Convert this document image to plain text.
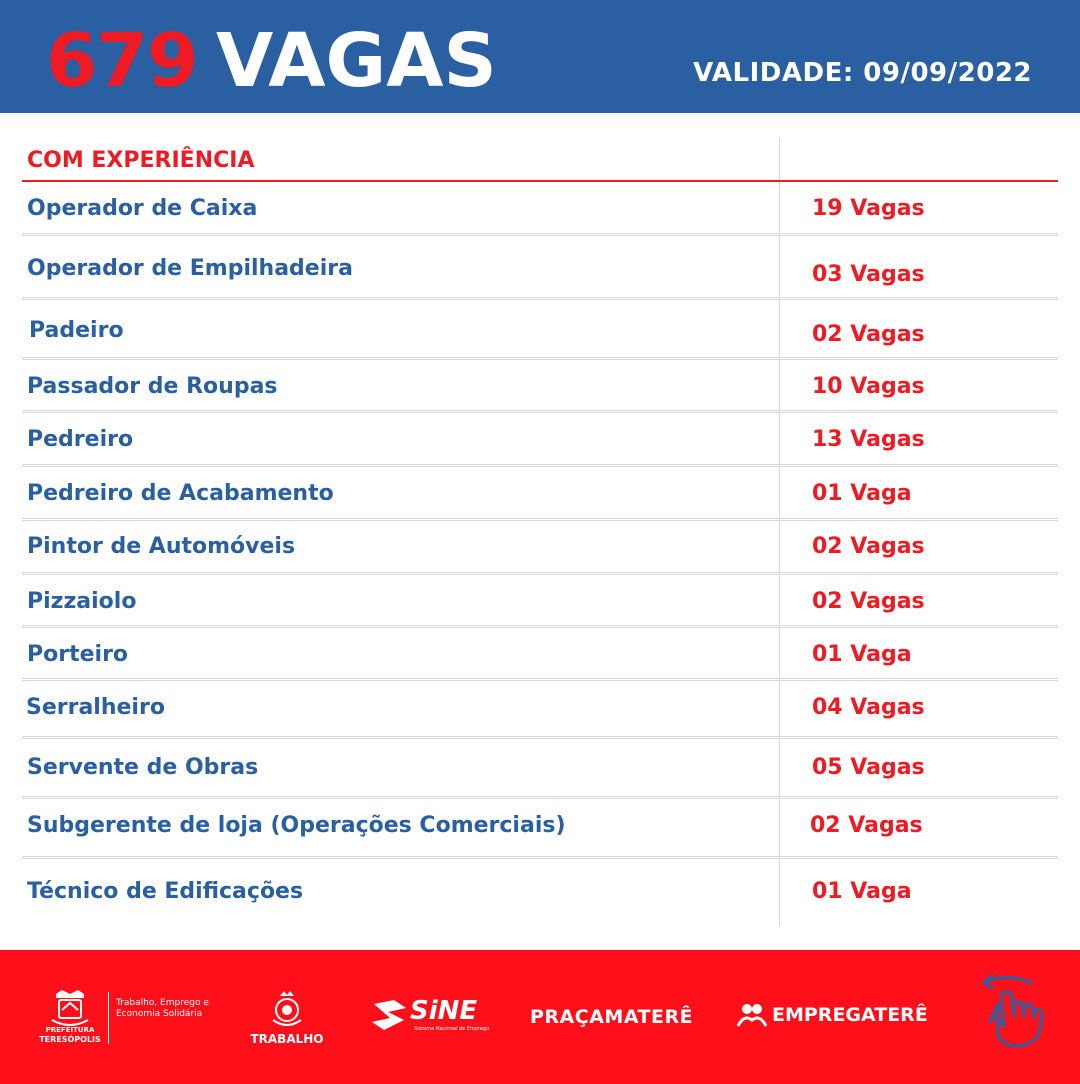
679 VAGAS	VALIDADE: 09/09/2022
COM EXPERIÊNCIA
Operador de Caixa	19 Vagas
Operador de Empilhadeira	03 Vagas
Padeiro	02 Vagas
Passador de Roupas	10 Vagas
Pedreiro	13 Vagas
Pedreiro de Acabamento	01 Vaga
Pintor de Automóveis	02 Vagas
Pizzaiolo	02 Vagas
Porteiro	01 Vaga
Serralheiro	04 Vagas
Servente de Obras	05 Vagas
Subgerente de loja (Operações Comerciais)	02 Vagas
Técnico de Edificações	01 Vaga
PREFEITURA
TERESÓPOLIS
Trabalho, Emprego e Economia Solidária
TRABALHO
SiNE
Sistema Nacional de Emprego
PRAÇAMATERÊ	EMPREGATERÊ
